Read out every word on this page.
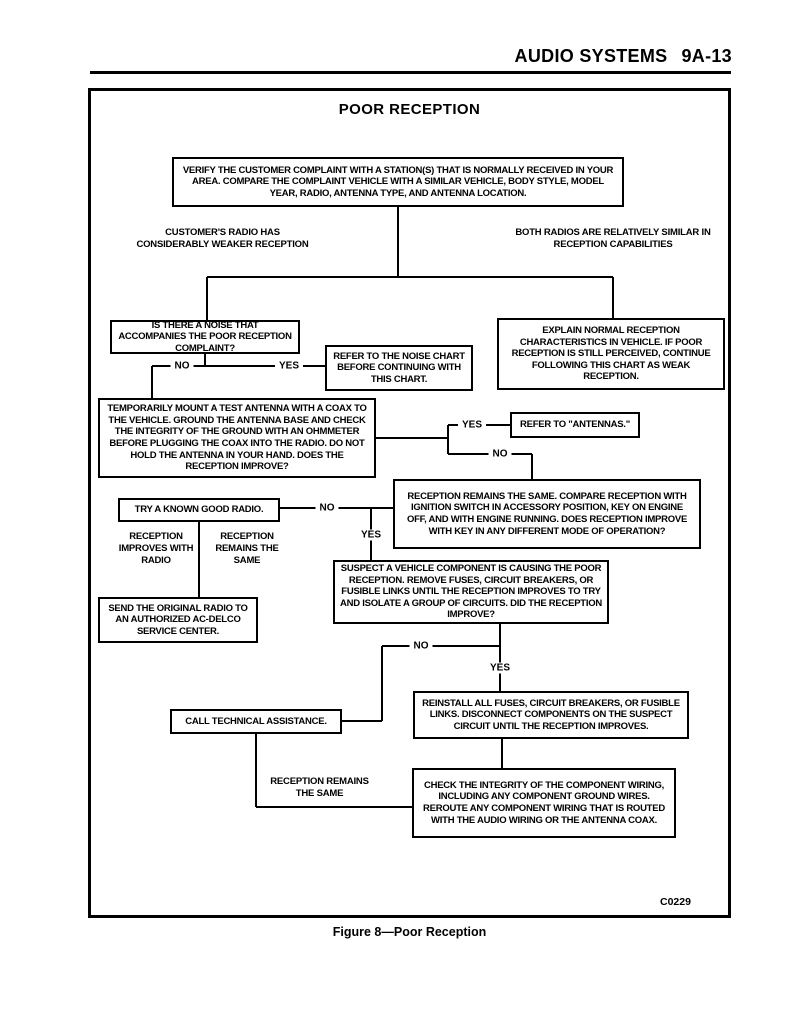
AUDIO SYSTEMS 9A-13
POOR RECEPTION
VERIFY THE CUSTOMER COMPLAINT WITH A STATION(S) THAT IS NORMALLY RECEIVED IN YOUR AREA. COMPARE THE COMPLAINT VEHICLE WITH A SIMILAR VEHICLE, BODY STYLE, MODEL YEAR, RADIO, ANTENNA TYPE, AND ANTENNA LOCATION.
IS THERE A NOISE THAT ACCOMPANIES THE POOR RECEPTION COMPLAINT?
REFER TO THE NOISE CHART BEFORE CONTINUING WITH THIS CHART.
EXPLAIN NORMAL RECEPTION CHARACTERISTICS IN VEHICLE. IF POOR RECEPTION IS STILL PERCEIVED, CONTINUE FOLLOWING THIS CHART AS WEAK RECEPTION.
TEMPORARILY MOUNT A TEST ANTENNA WITH A COAX TO THE VEHICLE. GROUND THE ANTENNA BASE AND CHECK THE INTEGRITY OF THE GROUND WITH AN OHMMETER BEFORE PLUGGING THE COAX INTO THE RADIO. DO NOT HOLD THE ANTENNA IN YOUR HAND. DOES THE RECEPTION IMPROVE?
REFER TO "ANTENNAS."
RECEPTION REMAINS THE SAME. COMPARE RECEPTION WITH IGNITION SWITCH IN ACCESSORY POSITION, KEY ON ENGINE OFF, AND WITH ENGINE RUNNING. DOES RECEPTION IMPROVE WITH KEY IN ANY DIFFERENT MODE OF OPERATION?
TRY A KNOWN GOOD RADIO.
SUSPECT A VEHICLE COMPONENT IS CAUSING THE POOR RECEPTION. REMOVE FUSES, CIRCUIT BREAKERS, OR FUSIBLE LINKS UNTIL THE RECEPTION IMPROVES TO TRY AND ISOLATE A GROUP OF CIRCUITS. DID THE RECEPTION IMPROVE?
SEND THE ORIGINAL RADIO TO AN AUTHORIZED AC-DELCO SERVICE CENTER.
CALL TECHNICAL ASSISTANCE.
REINSTALL ALL FUSES, CIRCUIT BREAKERS, OR FUSIBLE LINKS. DISCONNECT COMPONENTS ON THE SUSPECT CIRCUIT UNTIL THE RECEPTION IMPROVES.
CHECK THE INTEGRITY OF THE COMPONENT WIRING, INCLUDING ANY COMPONENT GROUND WIRES. REROUTE ANY COMPONENT WIRING THAT IS ROUTED WITH THE AUDIO WIRING OR THE ANTENNA COAX.
CUSTOMER'S RADIO HAS CONSIDERABLY WEAKER RECEPTION
BOTH RADIOS ARE RELATIVELY SIMILAR IN RECEPTION CAPABILITIES
RECEPTION IMPROVES WITH RADIO
RECEPTION REMAINS THE SAME
RECEPTION REMAINS THE SAME
NO	YES
YES
NO
NO
YES
NO
YES
C0229
Figure 8—Poor Reception
